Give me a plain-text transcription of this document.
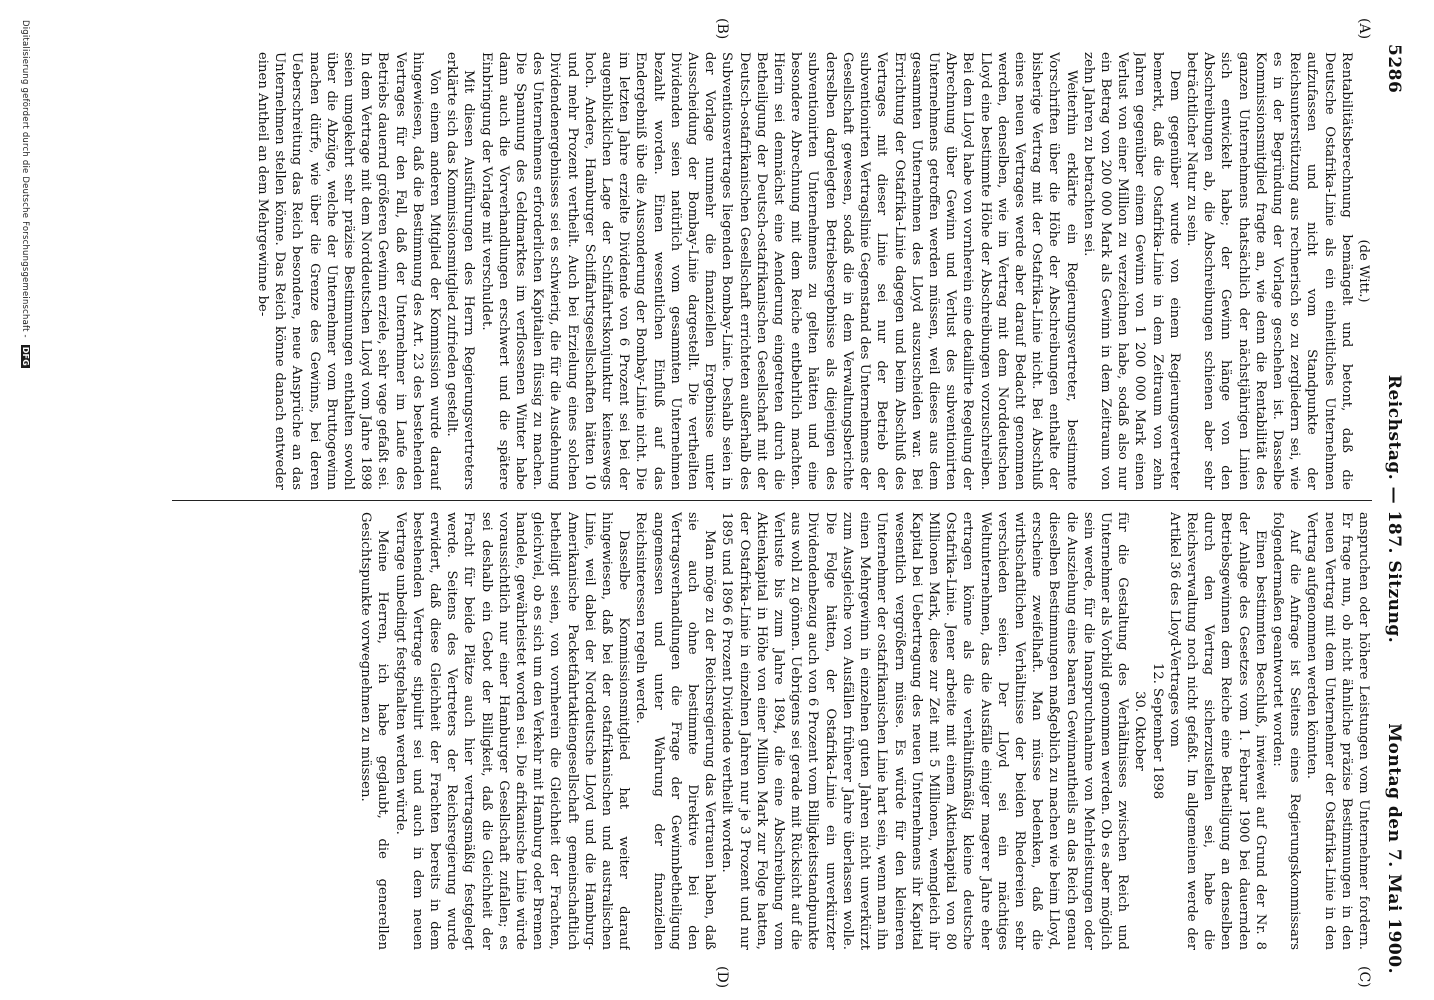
5286
Reichstag. — 187. Sitzung.
Montag den 7. Mai 1900.
(A)
(B)
(C)
(D)

(de Witt.)

Rentabilitätsberechnung bemängelt und betont, daß die Deutsche Ostafrika-Linie als ein einheitliches Unternehmen aufzufassen und nicht vom Standpunkte der Reichsunterstützung aus rechnerisch so zu zergliedern sei, wie es in der Begründung der Vorlage geschehen ist. Dasselbe Kommissionsmitglied fragte an, wie denn die Rentabilität des ganzen Unternehmens thatsächlich der nächstjährigen Linien sich entwickelt habe; der Gewinn hänge von den Abschreibungen ab, die Abschreibungen schienen aber sehr beträchtlicher Natur zu sein.

Dem gegenüber wurde von einem Regierungsvertreter bemerkt, daß die Ostafrika-Linie in dem Zeitraum von zehn Jahren gegenüber einem Gewinn von 1 200 000 Mark einen Verlust von einer Million zu verzeichnen habe, sodaß also nur ein Betrag von 200 000 Mark als Gewinn in dem Zeitraum von zehn Jahren zu betrachten sei.

Weiterhin erklärte ein Regierungsvertreter, bestimmte Vorschriften über die Höhe der Abschreibungen enthalte der bisherige Vertrag mit der Ostafrika-Linie nicht. Bei Abschluß eines neuen Vertrages werde aber darauf Bedacht genommen werden, denselben, wie im Vertrag mit dem Norddeutschen Lloyd eine bestimmte Höhe der Abschreibungen vorzuschreiben. Bei dem Lloyd habe von vornherein eine detaillirte Regelung der Abrechnung über Gewinn und Verlust des subventionirten Unternehmens getroffen werden müssen, weil dieses aus dem gesammten Unternehmen des Lloyd auszuscheiden war. Bei Errichtung der Ostafrika-Linie dagegen und beim Abschluß des Vertrages mit dieser Linie sei nur der Betrieb der subventionirten Vertragslinie Gegenstand des Unternehmens der Gesellschaft gewesen, sodaß die in dem Verwaltungsberichte derselben dargelegten Betriebsergebnisse als diejenigen des subventionirten Unternehmens zu gelten hätten und eine besondere Abrechnung mit dem Reiche entbehrlich machten. Hierin sei demnächst eine Aenderung eingetreten durch die Betheiligung der Deutsch-ostafrikanischen Gesellschaft mit der Deutsch-ostafrikanischen Gesellschaft errichteten außerhalb des Subventionsvertrages liegenden Bombay-Linie. Deshalb seien in der Vorlage nunmehr die finanziellen Ergebnisse unter Ausscheidung der Bombay-Linie dargestellt. Die vertheilten Dividenden seien natürlich vom gesammten Unternehmen bezahlt worden. Einen wesentlichen Einfluß auf das Endergebniß übe die Aussonderung der Bombay-Linie nicht. Die im letzten Jahre erzielte Dividende von 6 Prozent sei bei der augenblicklichen Lage der Schiffahrtskonjunktur keineswegs hoch. Andere, Hamburger Schiffahrtsgesellschaften hätten 10 und mehr Prozent vertheilt. Auch bei Erzielung eines solchen Dividendenergebnisses sei es schwierig, die für die Ausdehnung des Unternehmens erforderlichen Kapitalien flüssig zu machen. Die Spannung des Geldmarktes im verflossenen Winter habe dann auch die Vorverhandlungen erschwert und die spätere Einbringung der Vorlage mit verschuldet.

Mit diesen Ausführungen des Herrn Regierungsvertreters erklärte sich das Kommissionsmitglied zufrieden gestellt.

Von einem anderen Mitglied der Kommission wurde darauf hingewiesen, daß die Bestimmung des Art. 23 des bestehenden Vertrages für den Fall, daß der Unternehmer im Laufe des Betriebs dauernd größeren Gewinn erziele, sehr vage gefaßt sei. In dem Vertrage mit dem Norddeutschen Lloyd vom Jahre 1898 seien umgekehrt sehr präzise Bestimmungen enthalten sowohl über die Abzüge, welche der Unternehmer vom Bruttogewinn machen dürfe, wie über die Grenze des Gewinns, bei deren Ueberschreitung das Reich besondere, neue Ansprüche an das Unternehmen stellen könne. Das Reich könne danach entweder einen Antheil an dem Mehrgewinne be-

anspruchen oder höhere Leistungen vom Unternehmer fordern. Er frage nun, ob nicht ähnliche präzise Bestimmungen in den neuen Vertrag mit dem Unternehmer der Ostafrika-Linie in den Vertrag aufgenommen werden könnten.

Auf die Anfrage ist Seitens eines Regierungskommissars folgendermaßen geantwortet worden:

Einen bestimmten Beschluß, inwieweit auf Grund der Nr. 8 der Anlage des Gesetzes vom 1. Februar 1900 bei dauernden Betriebsgewinnen dem Reiche eine Betheiligung an denselben durch den Vertrag sicherzustellen sei, habe die Reichsverwaltung noch nicht gefaßt. Im allgemeinen werde der Artikel 36 des Lloyd-Vertrages vom

12. September 1898

30. Oktober

für die Gestaltung des Verhältnisses zwischen Reich und Unternehmer als Vorbild genommen werden. Ob es aber möglich sein werde, für die Inanspruchnahme von Mehrleistungen oder die Ausziehung eines baaren Gewinnantheils an das Reich genau dieselben Bestimmungen maßgeblich zu machen wie beim Lloyd, erscheine zweifelhaft. Man müsse bedenken, daß die wirthschaftlichen Verhältnisse der beiden Rhedereien sehr verschieden seien. Der Lloyd sei ein mächtiges Weltunternehmen, das die Ausfälle einiger magerer Jahre eher ertragen könne als die verhältnißmäßig kleine deutsche Ostafrika-Linie. Jener arbeite mit einem Aktienkapital von 80 Millionen Mark, diese zur Zeit mit 5 Millionen, wenngleich ihr Kapital bei Uebertragung des neuen Unternehmens ihr Kapital wesentlich vergrößern müsse. Es würde für den kleineren Unternehmer der ostafrikanischen Linie hart sein, wenn man ihn einen Mehrgewinn in einzelnen guten Jahren nicht unverkürzt zum Ausgleiche von Ausfällen früherer Jahre überlassen wolle. Die Folge hätten, der Ostafrika-Linie ein unverkürzter Dividendenbezug auch von 6 Prozent vom Billigkeitsstandpunkte aus wohl zu gönnen. Uebrigens sei gerade mit Rücksicht auf die Verluste bis zum Jahre 1894, die eine Abschreibung vom Aktienkapital in Höhe von einer Million Mark zur Folge hatten, der Ostafrika-Linie in einzelnen Jahren nur je 3 Prozent und nur 1895 und 1896 6 Prozent Dividende vertheilt worden.

Man möge zu der Reichsregierung das Vertrauen haben, daß sie auch ohne bestimmte Direktive bei den Vertragsverhandlungen die Frage der Gewinnbetheiligung angemessen und unter Wahrung der finanziellen Reichsinteressen regeln werde.

Dasselbe Kommissionsmitglied hat weiter darauf hingewiesen, daß bei der ostafrikanischen und australischen Linie, weil dabei der Norddeutsche Lloyd und die Hamburg-Amerikanische Packetfahrtaktiengesellschaft gemeinschaftlich betheiligt seien, von vornherein die Gleichheit der Frachten, gleichviel, ob es sich um den Verkehr mit Hamburg oder Bremen handele, gewährleistet worden sei. Die afrikanische Linie würde voraussichtlich nur einer Hamburger Gesellschaft zufallen; es sei deshalb ein Gebot der Billigkeit, daß die Gleichheit der Fracht für beide Plätze auch hier vertragsmäßig festgelegt werde. Seitens des Vertreters der Reichsregierung wurde erwidert, daß diese Gleichheit der Frachten bereits in dem bestehenden Vertrage stipulirt sei und auch in dem neuen Vertrage unbedingt festgehalten werden würde.

Meine Herren, ich habe geglaubt, die generellen Gesichtspunkte vorwegnehmen zu müssen.

Digitalisierung gefördert durch die Deutsche Forschungsgemeinschaft - DFG
